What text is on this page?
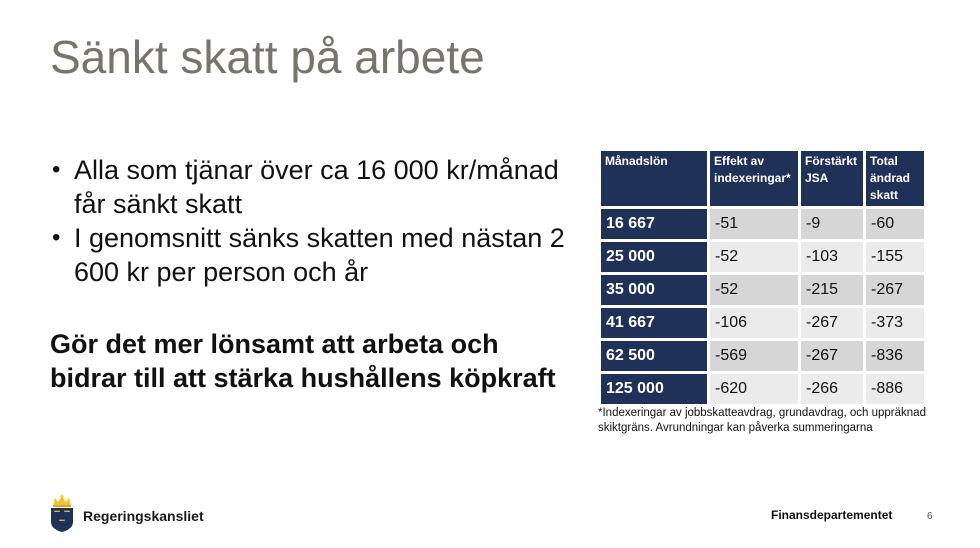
Sänkt skatt på arbete
• Alla som tjänar över ca 16 000 kr/månad får sänkt skatt
• I genomsnitt sänks skatten med nästan 2 600 kr per person och år
Gör det mer lönsamt att arbeta och bidrar till att stärka hushållens köpkraft
Månadslön	Effekt av indexeringar*	Förstärkt JSA	Total ändrad skatt
16 667	-51	-9	-60
25 000	-52	-103	-155
35 000	-52	-215	-267
41 667	-106	-267	-373
62 500	-569	-267	-836
125 000	-620	-266	-886
*Indexeringar av jobbskatteavdrag, grundavdrag, och uppräknad skiktgräns. Avrundningar kan påverka summeringarna
Regeringskansliet	Finansdepartementet	6
